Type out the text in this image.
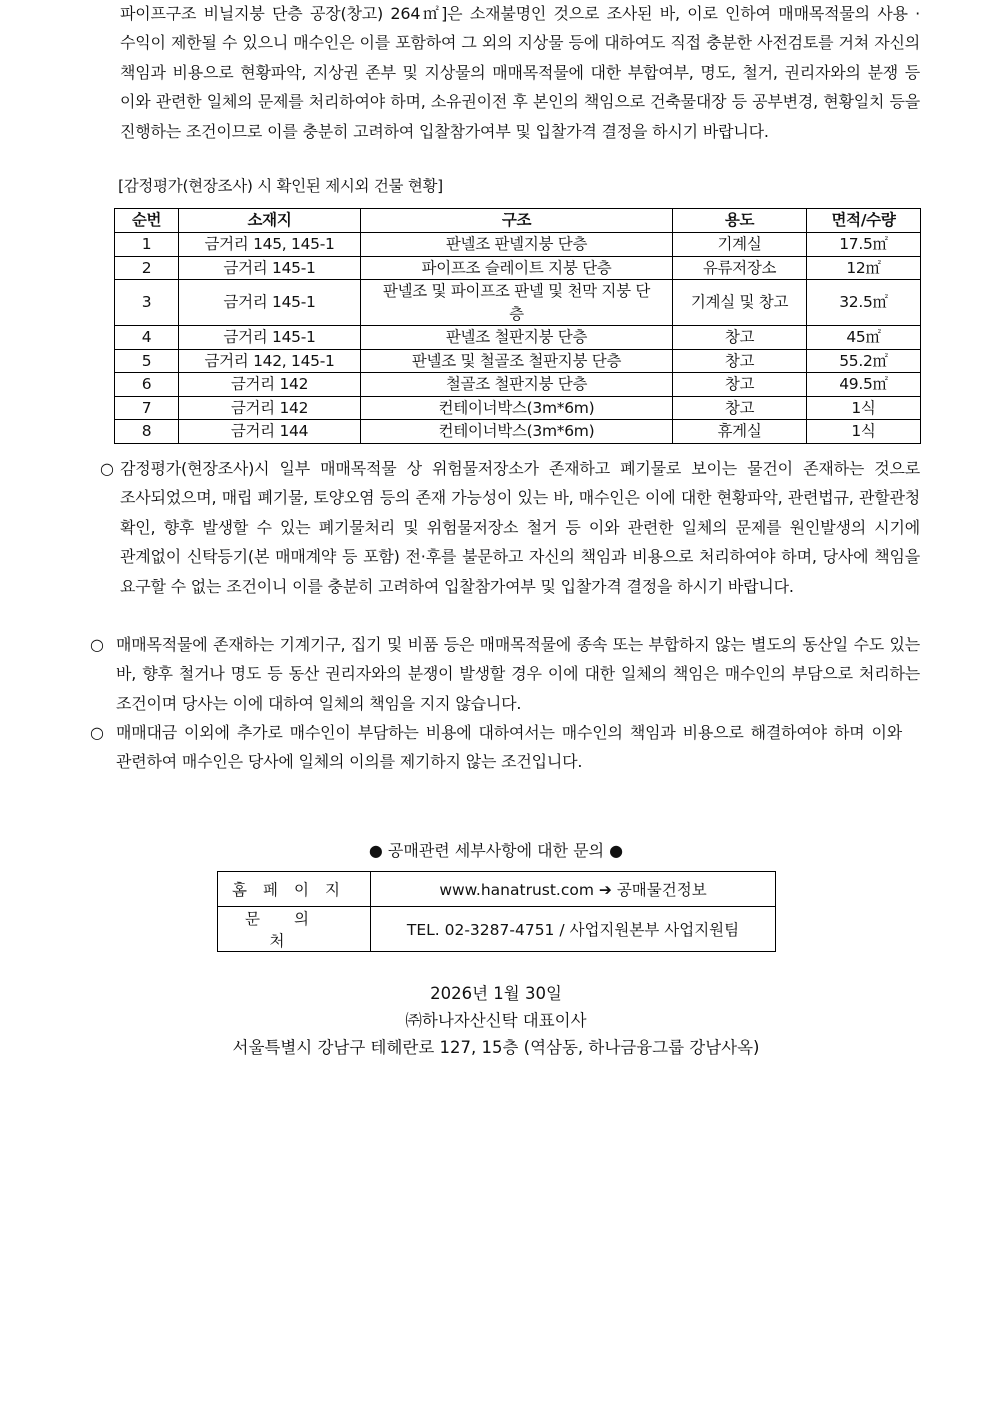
파이프구조 비닐지붕 단층 공장(창고) 264㎡]은 소재불명인 것으로 조사된 바, 이로 인하여 매매목적물의 사용 · 수익이 제한될 수 있으니 매수인은 이를 포함하여 그 외의 지상물 등에 대하여도 직접 충분한 사전검토를 거쳐 자신의 책임과 비용으로 현황파악, 지상권 존부 및 지상물의 매매목적물에 대한 부합여부, 명도, 철거, 권리자와의 분쟁 등 이와 관련한 일체의 문제를 처리하여야 하며, 소유권이전 후 본인의 책임으로 건축물대장 등 공부변경, 현황일치 등을 진행하는 조건이므로 이를 충분히 고려하여 입찰참가여부 및 입찰가격 결정을 하시기 바랍니다.
[감정평가(현장조사) 시 확인된 제시외 건물 현황]
순번	소재지	구조	용도	면적/수량
1	금거리 145, 145-1	판넬조 판넬지붕 단층	기계실	17.5㎡
2	금거리 145-1	파이프조 슬레이트 지붕 단층	유류저장소	12㎡
3	금거리 145-1	판넬조 및 파이프조 판넬 및 천막 지붕 단층	기계실 및 창고	32.5㎡
4	금거리 145-1	판넬조 철판지붕 단층	창고	45㎡
5	금거리 142, 145-1	판넬조 및 철골조 철판지붕 단층	창고	55.2㎡
6	금거리 142	철골조 철판지붕 단층	창고	49.5㎡
7	금거리 142	컨테이너박스(3m*6m)	창고	1식
8	금거리 144	컨테이너박스(3m*6m)	휴게실	1식
○ 감정평가(현장조사)시 일부 매매목적물 상 위험물저장소가 존재하고 폐기물로 보이는 물건이 존재하는 것으로 조사되었으며, 매립 폐기물, 토양오염 등의 존재 가능성이 있는 바, 매수인은 이에 대한 현황파악, 관련법규, 관할관청 확인, 향후 발생할 수 있는 폐기물처리 및 위험물저장소 철거 등 이와 관련한 일체의 문제를 원인발생의 시기에 관계없이 신탁등기(본 매매계약 등 포함) 전·후를 불문하고 자신의 책임과 비용으로 처리하여야 하며, 당사에 책임을 요구할 수 없는 조건이니 이를 충분히 고려하여 입찰참가여부 및 입찰가격 결정을 하시기 바랍니다.
○ 매매목적물에 존재하는 기계기구, 집기 및 비품 등은 매매목적물에 종속 또는 부합하지 않는 별도의 동산일 수도 있는 바, 향후 철거나 명도 등 동산 권리자와의 분쟁이 발생할 경우 이에 대한 일체의 책임은 매수인의 부담으로 처리하는 조건이며 당사는 이에 대하여 일체의 책임을 지지 않습니다.
○ 매매대금 이외에 추가로 매수인이 부담하는 비용에 대하여서는 매수인의 책임과 비용으로 해결하여야 하며 이와 관련하여 매수인은 당사에 일체의 이의를 제기하지 않는 조건입니다.
● 공매관련 세부사항에 대한 문의 ●
홈페이지	www.hanatrust.com ➔ 공매물건정보
문의처	TEL. 02-3287-4751 / 사업지원본부 사업지원팀
2026년 1월 30일
㈜하나자산신탁 대표이사
서울특별시 강남구 테헤란로 127, 15층 (역삼동, 하나금융그룹 강남사옥)
